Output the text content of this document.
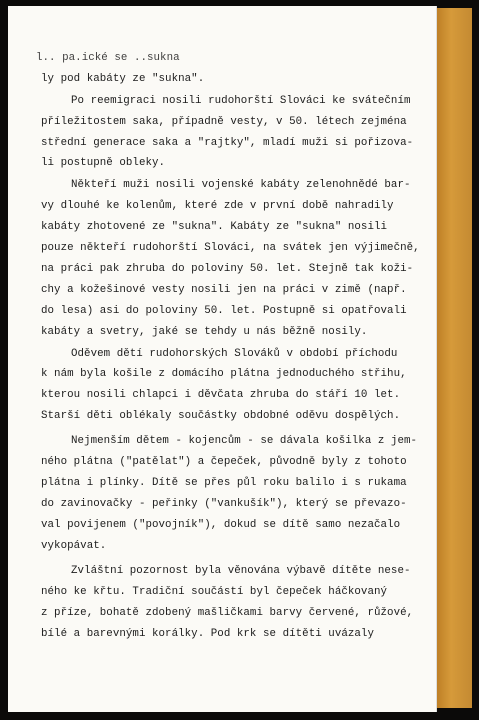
l.. pa.ické se ..sukna
ly pod kabáty ze "sukna".
Po reemigraci nosili rudohorští Slováci ke svátečním
příležitostem saka, případně vesty, v 50. létech zejména
střední generace saka a "rajtky", mladí muži si pořizova-
li postupně obleky.
Někteří muži nosili vojenské kabáty zelenohnědé bar-
vy dlouhé ke kolenům, které zde v první době nahradily
kabáty zhotovené ze "sukna". Kabáty ze "sukna" nosili
pouze někteří rudohorští Slováci, na svátek jen výjimečně,
na práci pak zhruba do poloviny 50. let. Stejně tak koži-
chy a kožešinové vesty nosili jen na práci v zimě (např.
do lesa) asi do poloviny 50. let. Postupně si opatřovali
kabáty a svetry, jaké se tehdy u nás běžně nosily.
Oděvem dětí rudohorských Slováků v období příchodu
k nám byla košile z domácího plátna jednoduchého střihu,
kterou nosili chlapci i děvčata zhruba do stáří 10 let.
Starší děti oblékaly součástky obdobné oděvu dospělých.
Nejmenším dětem - kojencům - se dávala košilka z jem-
ného plátna ("patělat") a čepeček, původně byly z tohoto
plátna i plínky. Dítě se přes půl roku balilo i s rukama
do zavinovačky - peřinky ("vankušík"), který se převazo-
val povijenem ("povojník"), dokud se dítě samo nezačalo
vykopávat.
Zvláštní pozornost byla věnována výbavě dítěte nese-
ného ke křtu. Tradiční součástí byl čepeček háčkovaný
z příze, bohatě zdobený mašličkami barvy červené, růžové,
bílé a barevnými korálky. Pod krk se dítěti uvázaly
